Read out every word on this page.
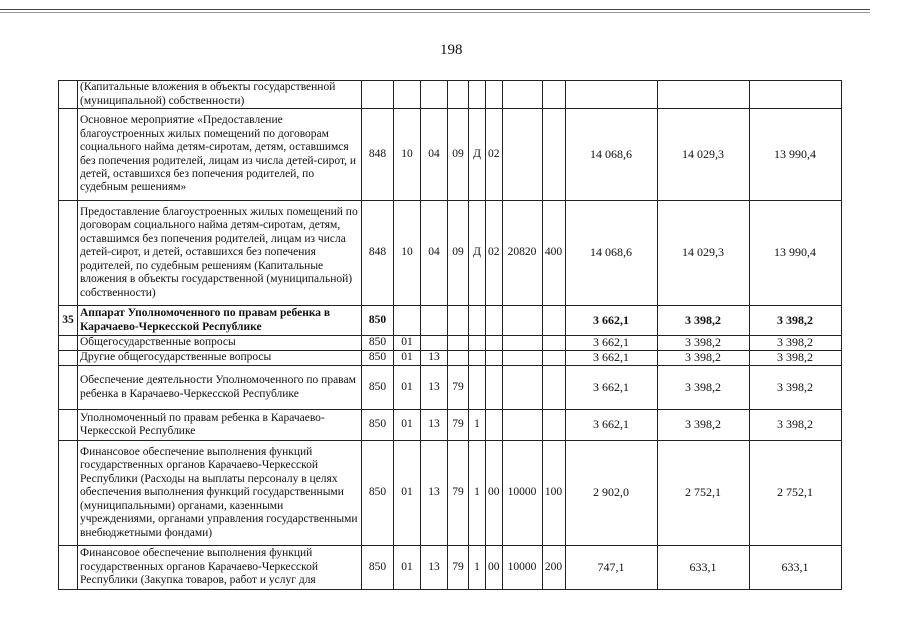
198
	(Капитальные вложения в объекты государственной (муниципальной) собственности)											
	Основное мероприятие «Предоставление благоустроенных жилых помещений по договорам социального найма детям-сиротам, детям, оставшимся без попечения родителей, лицам из числа детей-сирот, и детей, оставшихся без попечения родителей, по судебным решениям»	848	10	04	09	Д	02			14 068,6	14 029,3	13 990,4
	Предоставление благоустроенных жилых помещений по договорам социального найма детям-сиротам, детям, оставшимся без попечения родителей, лицам из числа детей-сирот, и детей, оставшихся без попечения родителей, по судебным решениям (Капитальные вложения в объекты государственной (муниципальной) собственности)	848	10	04	09	Д	02	20820	400	14 068,6	14 029,3	13 990,4
35	Аппарат Уполномоченного по правам ребенка в Карачаево-Черкесской Республике	850								3 662,1	3 398,2	3 398,2
	Общегосударственные вопросы	850	01							3 662,1	3 398,2	3 398,2
	Другие общегосударственные вопросы	850	01	13						3 662,1	3 398,2	3 398,2
	Обеспечение деятельности Уполномоченного по правам ребенка в Карачаево-Черкесской Республике	850	01	13	79					3 662,1	3 398,2	3 398,2
	Уполномоченный по правам ребенка в Карачаево-Черкесской Республике	850	01	13	79	1				3 662,1	3 398,2	3 398,2
	Финансовое обеспечение выполнения функций государственных органов Карачаево-Черкесской Республики (Расходы на выплаты персоналу в целях обеспечения выполнения функций государственными (муниципальными) органами, казенными учреждениями, органами управления государственными внебюджетными фондами)	850	01	13	79	1	00	10000	100	2 902,0	2 752,1	2 752,1
	Финансовое обеспечение выполнения функций государственных органов Карачаево-Черкесской Республики (Закупка товаров, работ и услуг для	850	01	13	79	1	00	10000	200	747,1	633,1	633,1
